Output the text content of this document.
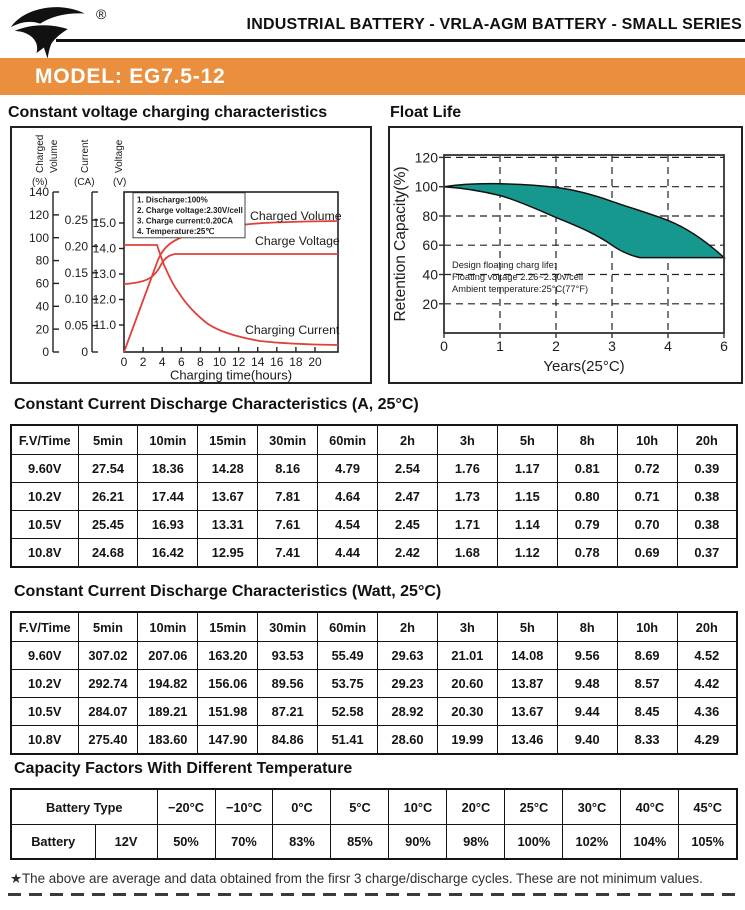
®
INDUSTRIAL BATTERY - VRLA-AGM BATTERY - SMALL SERIES
MODEL: EG7.5-12
Constant voltage charging characteristics	Float Life
140
120
100
80
60
40
20
0
Charged Volume
(%)
0.25
0.20
0.15
0.10
0.05
0
Current
(CA)
15.0
14.0
13.0
12.0
11.0
Voltage
(V)
0 2 4 6 8 10 12 14 16 18 20
Charging time(hours)
1. Discharge:100%
2. Charge voltage:2.30V/cell
3. Charge current:0.20CA
4. Temperature:25℃
Charged Volume
Charge Voltage
Charging Current
120
100
80
60
40
20
0	1	2	3	4	6
Design floating charg life:
Floating voltage 2.26~2.30v/cell
Ambient temperature:25°C(77°F)
Retention Capacity(%)
Years(25°C)
Constant Current Discharge Characteristics (A, 25°C)
F.V/Time	5min	10min	15min	30min	60min	2h	3h	5h	8h	10h	20h
9.60V	27.54	18.36	14.28	8.16	4.79	2.54	1.76	1.17	0.81	0.72	0.39
10.2V	26.21	17.44	13.67	7.81	4.64	2.47	1.73	1.15	0.80	0.71	0.38
10.5V	25.45	16.93	13.31	7.61	4.54	2.45	1.71	1.14	0.79	0.70	0.38
10.8V	24.68	16.42	12.95	7.41	4.44	2.42	1.68	1.12	0.78	0.69	0.37
Constant Current Discharge Characteristics (Watt, 25°C)
F.V/Time	5min	10min	15min	30min	60min	2h	3h	5h	8h	10h	20h
9.60V	307.02	207.06	163.20	93.53	55.49	29.63	21.01	14.08	9.56	8.69	4.52
10.2V	292.74	194.82	156.06	89.56	53.75	29.23	20.60	13.87	9.48	8.57	4.42
10.5V	284.07	189.21	151.98	87.21	52.58	28.92	20.30	13.67	9.44	8.45	4.36
10.8V	275.40	183.60	147.90	84.86	51.41	28.60	19.99	13.46	9.40	8.33	4.29
Capacity Factors With Different Temperature
Battery Type		−20°C	−10°C	0°C	5°C	10°C	20°C	25°C	30°C	40°C	45°C
Battery	12V	50%	70%	83%	85%	90%	98%	100%	102%	104%	105%
★The above are average and data obtained from the firsr 3 charge/discharge cycles. These are not minimum values.
